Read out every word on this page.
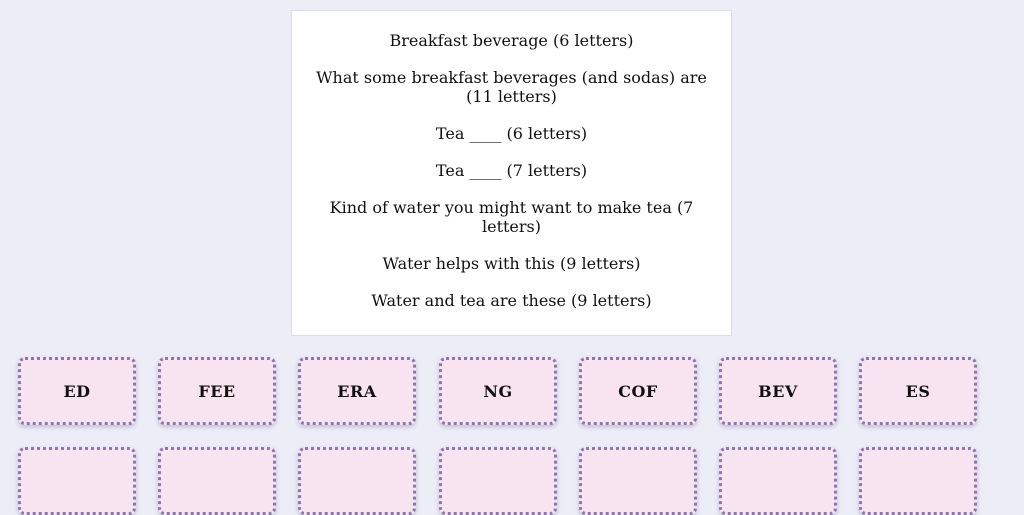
Breakfast beverage (6 letters)

What some breakfast beverages (and sodas) are (11 letters)

Tea ____ (6 letters)

Tea ____ (7 letters)

Kind of water you might want to make tea (7 letters)

Water helps with this (9 letters)

Water and tea are these (9 letters)

ED	FEE	ERA	NG	COF	BEV	ES
